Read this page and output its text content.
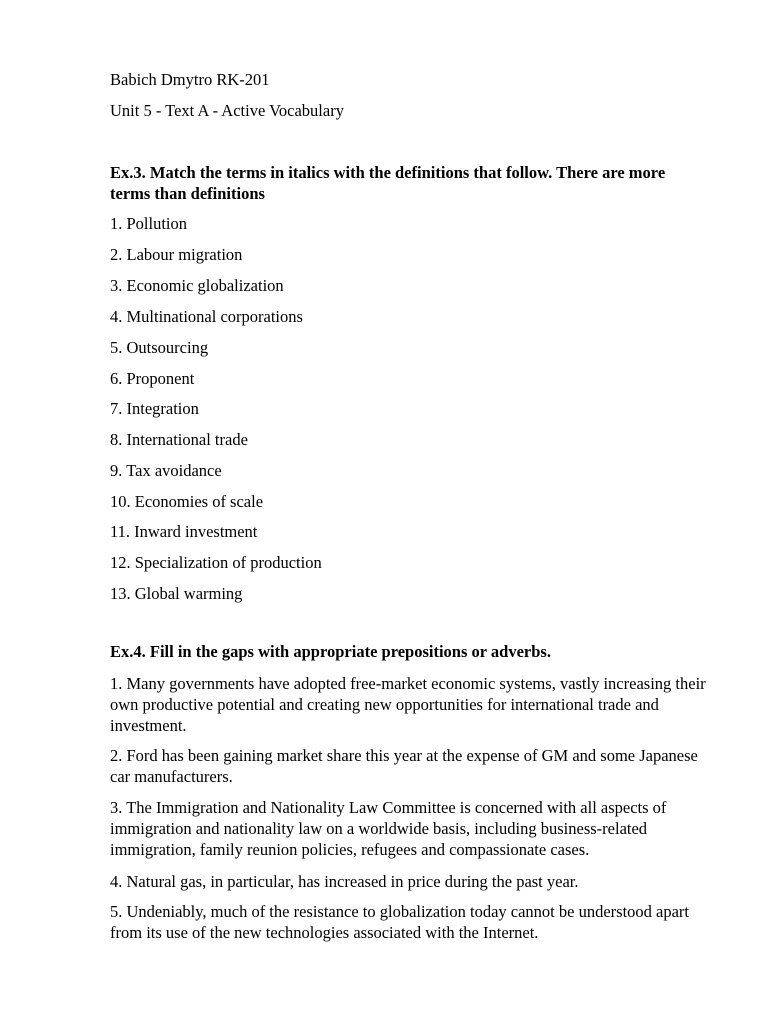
Babich Dmytro RK-201

Unit 5 - Text A - Active Vocabulary

Ex.3. Match the terms in italics with the definitions that follow. There are more terms than definitions

1. Pollution

2. Labour migration

3. Economic globalization

4. Multinational corporations

5. Outsourcing

6. Proponent

7. Integration

8. International trade

9. Tax avoidance

10. Economies of scale

11. Inward investment

12. Specialization of production

13. Global warming

Ex.4. Fill in the gaps with appropriate prepositions or adverbs.

1. Many governments have adopted free-market economic systems, vastly increasing their own productive potential and creating new opportunities for international trade and investment.

2. Ford has been gaining market share this year at the expense of GM and some Japanese car manufacturers.

3. The Immigration and Nationality Law Committee is concerned with all aspects of immigration and nationality law on a worldwide basis, including business-related immigration, family reunion policies, refugees and compassionate cases.

4. Natural gas, in particular, has increased in price during the past year.

5. Undeniably, much of the resistance to globalization today cannot be understood apart from its use of the new technologies associated with the Internet.
